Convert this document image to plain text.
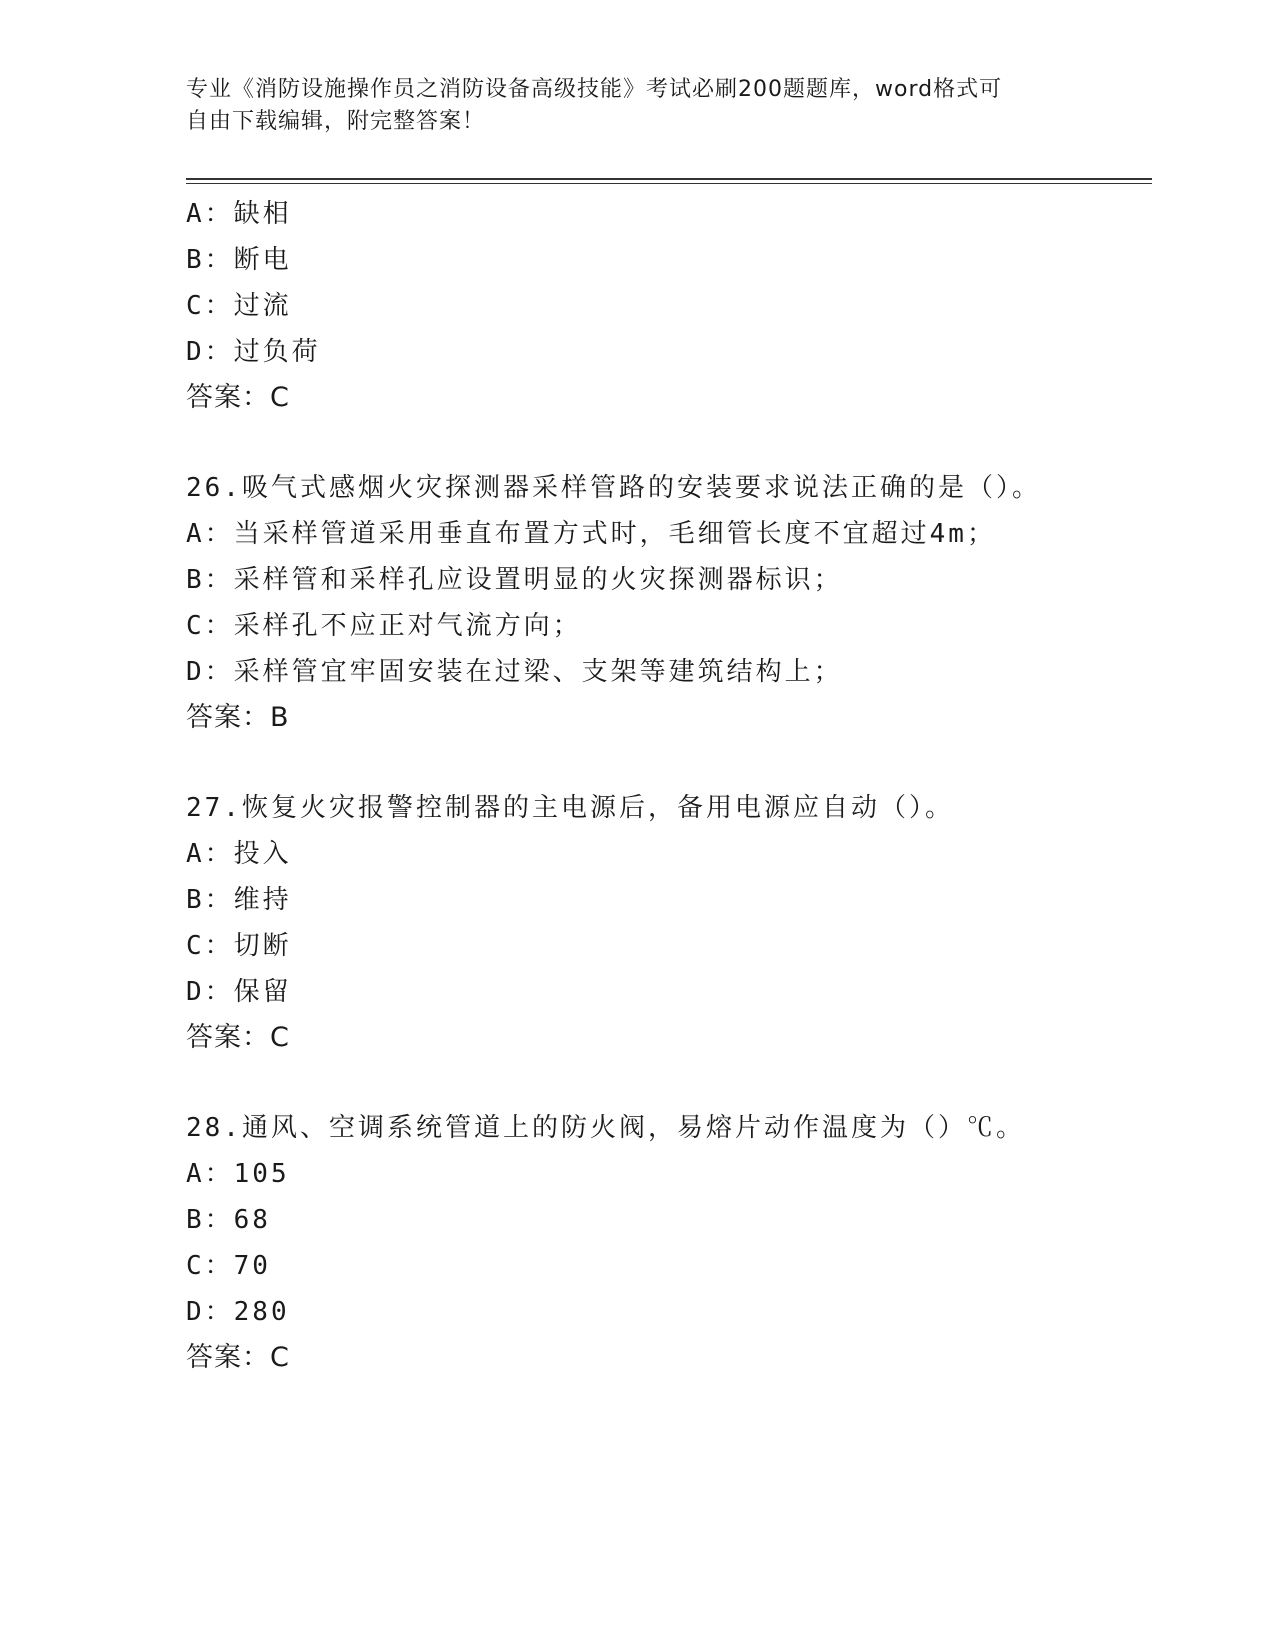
专业《消防设施操作员之消防设备高级技能》考试必刷200题题库，word格式可
自由下载编辑，附完整答案！
A：缺相
B：断电
C：过流
D：过负荷
答案：C
26.吸气式感烟火灾探测器采样管路的安装要求说法正确的是（）。
A：当采样管道采用垂直布置方式时，毛细管长度不宜超过4m；
B：采样管和采样孔应设置明显的火灾探测器标识；
C：采样孔不应正对气流方向；
D：采样管宜牢固安装在过梁、支架等建筑结构上；
答案：B
27.恢复火灾报警控制器的主电源后，备用电源应自动（）。
A：投入
B：维持
C：切断
D：保留
答案：C
28.通风、空调系统管道上的防火阀，易熔片动作温度为（）℃。
A：105
B：68
C：70
D：280
答案：C
